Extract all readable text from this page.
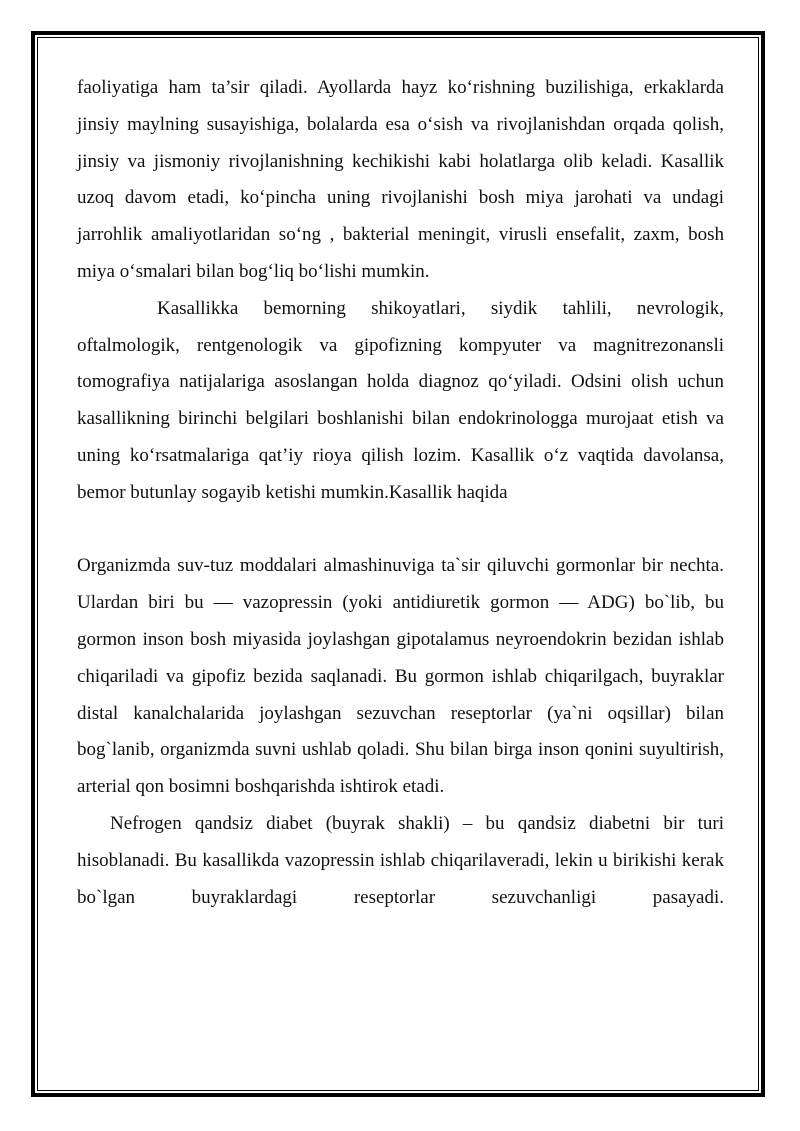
faoliyatiga ham ta’sir qiladi. Ayollarda hayz ko‘rishning buzilishiga, erkaklarda jinsiy maylning susayishiga, bolalarda esa o‘sish va rivojlanishdan orqada qolish, jinsiy va jismoniy rivojlanishning kechikishi kabi holatlarga olib keladi. Kasallik uzoq davom etadi, ko‘pincha uning rivojlanishi bosh miya jarohati va undagi jarrohlik amaliyotlaridan so‘ng , bakterial meningit, virusli ensefalit, zaxm, bosh miya o‘smalari bilan bog‘liq bo‘lishi mumkin.

Kasallikka bemorning shikoyatlari, siydik tahlili, nevrologik, oftalmologik, rentgenologik va gipofizning kompyuter va magnitrezonansli tomografiya natijalariga asoslangan holda diagnoz qo‘yiladi. Odsini olish uchun kasallikning birinchi belgilari boshlanishi bilan endokrinologga murojaat etish va uning ko‘rsatmalariga qat’iy rioya qilish lozim. Kasallik o‘z vaqtida davolansa, bemor butunlay sogayib ketishi mumkin.Kasallik haqida

Organizmda suv-tuz moddalari almashinuviga ta`sir qiluvchi gormonlar bir nechta. Ulardan biri bu — vazopressin (yoki antidiuretik gormon — ADG) bo`lib, bu gormon inson bosh miyasida joylashgan gipotalamus neyroendokrin bezidan ishlab chiqariladi va gipofiz bezida saqlanadi. Bu gormon ishlab chiqarilgach, buyraklar distal kanalchalarida joylashgan sezuvchan reseptorlar (ya`ni oqsillar) bilan bog`lanib, organizmda suvni ushlab qoladi. Shu bilan birga inson qonini suyultirish, arterial qon bosimni boshqarishda ishtirok etadi.

Nefrogen qandsiz diabet (buyrak shakli) – bu qandsiz diabetni bir turi hisoblanadi. Bu kasallikda vazopressin ishlab chiqarilaveradi, lekin u birikishi kerak bo`lgan buyraklardagi reseptorlar sezuvchanligi pasayadi.
